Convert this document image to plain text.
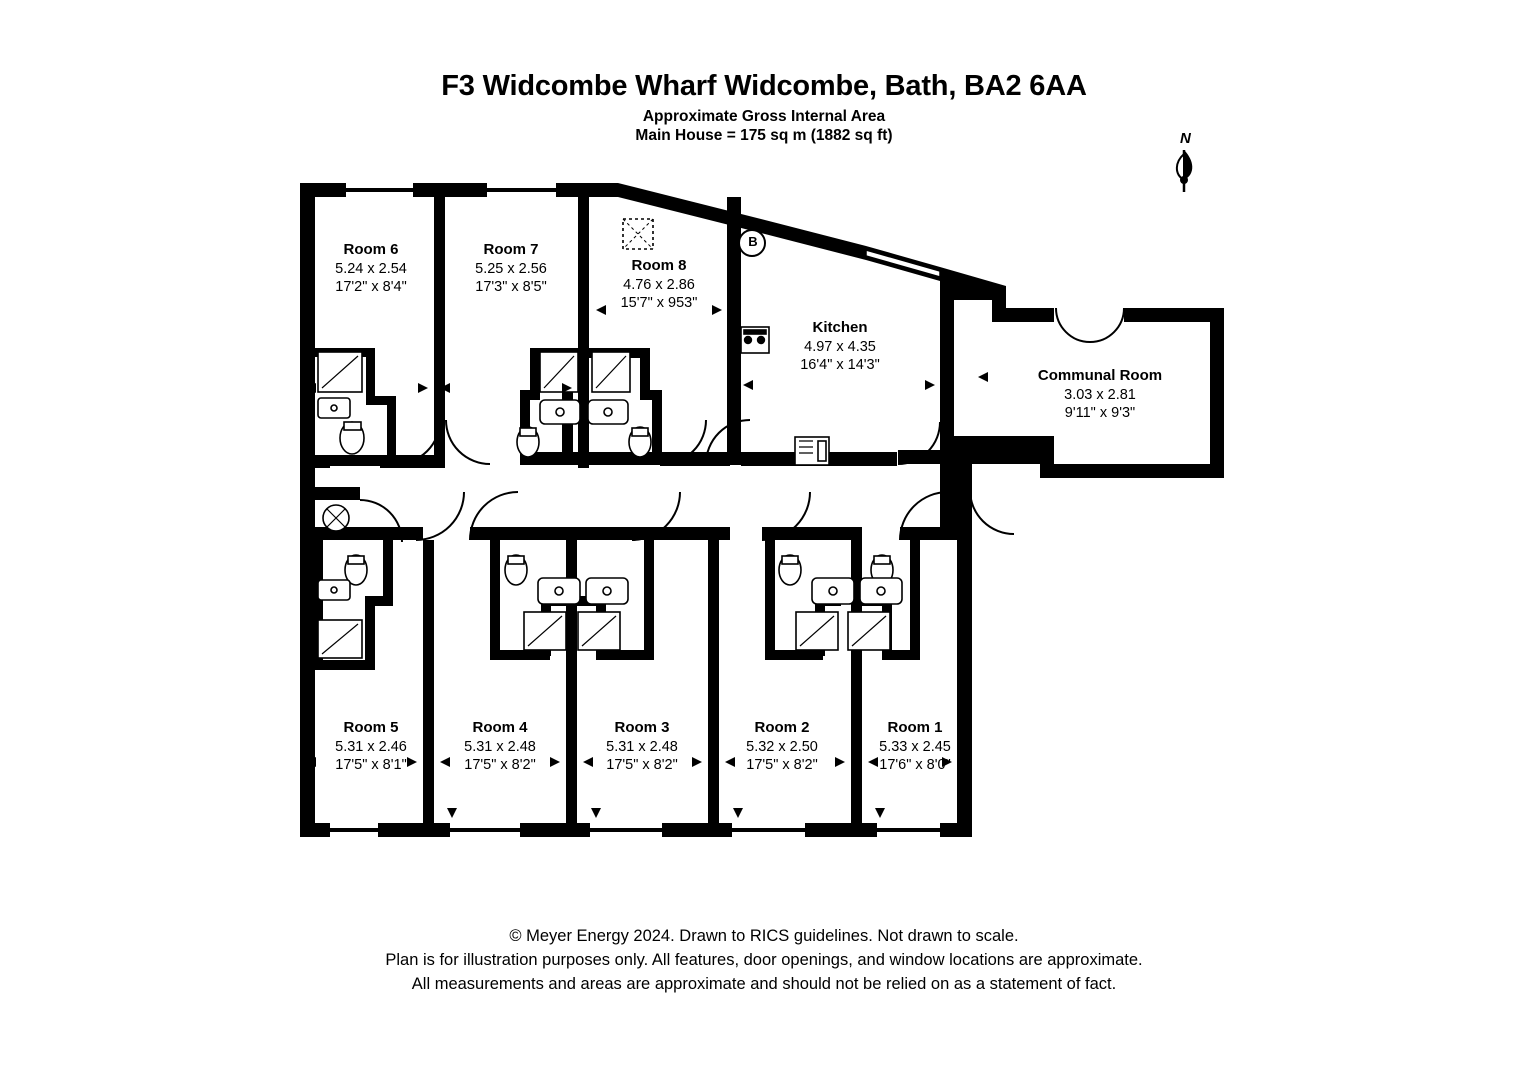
F3 Widcombe Wharf Widcombe, Bath, BA2 6AA
Approximate Gross Internal Area
Main House = 175 sq m (1882 sq ft)
B
Room 6
5.24 x 2.54
17'2" x 8'4"
Room 7
5.25 x 2.56
17'3" x 8'5"
Room 8
4.76 x 2.86
15'7" x 953"
Kitchen
4.97 x 4.35
16'4" x 14'3"
Communal Room
3.03 x 2.81
9'11" x 9'3"
Room 5
5.31 x 2.46
17'5" x 8'1"
Room 4
5.31 x 2.48
17'5" x 8'2"
Room 3
5.31 x 2.48
17'5" x 8'2"
Room 2
5.32 x 2.50
17'5" x 8'2"
Room 1
5.33 x 2.45
17'6" x 8'0"
N
© Meyer Energy 2024. Drawn to RICS guidelines. Not drawn to scale.
Plan is for illustration purposes only. All features, door openings, and window locations are approximate.
All measurements and areas are approximate and should not be relied on as a statement of fact.
